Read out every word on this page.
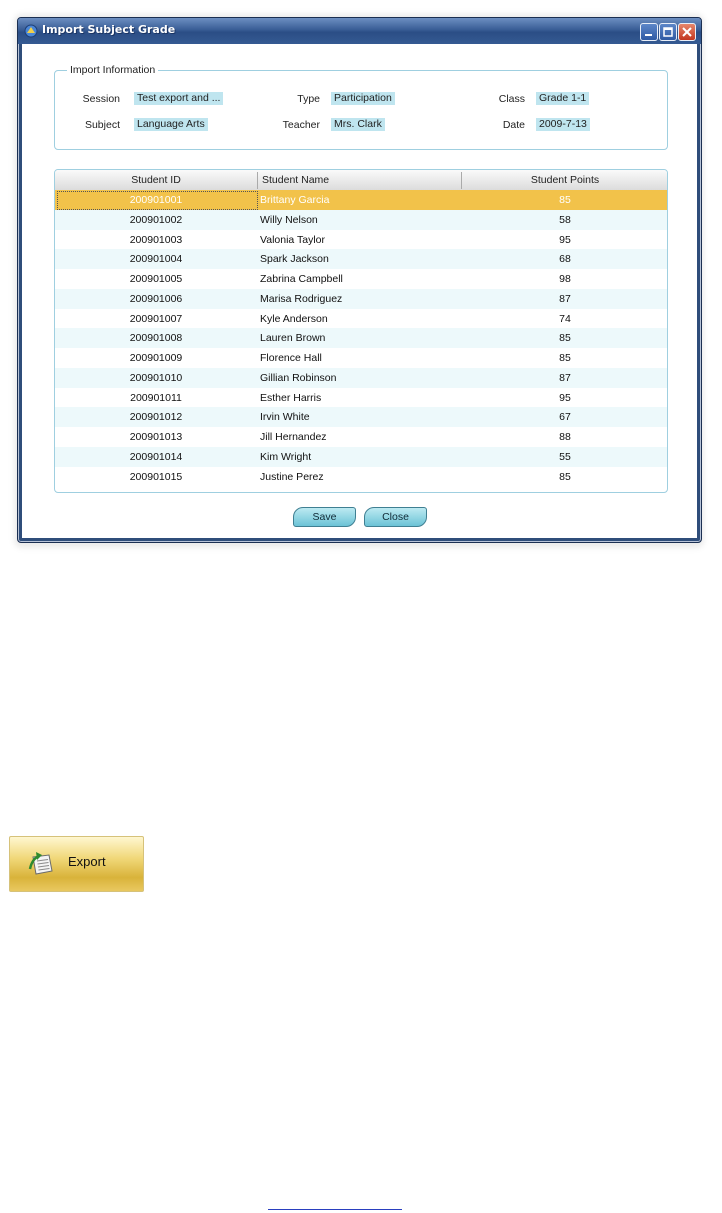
Import Subject Grade
Import Information
Session Test export and ...	Type Participation	Class Grade 1-1
Subject Language Arts	Teacher Mrs. Clark	Date 2009-7-13
Student ID	Student Name	Student Points
200901001	Brittany Garcia	85
200901002	Willy Nelson	58
200901003	Valonia Taylor	95
200901004	Spark Jackson	68
200901005	Zabrina Campbell	98
200901006	Marisa Rodriguez	87
200901007	Kyle Anderson	74
200901008	Lauren Brown	85
200901009	Florence Hall	85
200901010	Gillian Robinson	87
200901011	Esther Harris	95
200901012	Irvin White	67
200901013	Jill Hernandez	88
200901014	Kim Wright	55
200901015	Justine Perez	85
Save	Close
Export
